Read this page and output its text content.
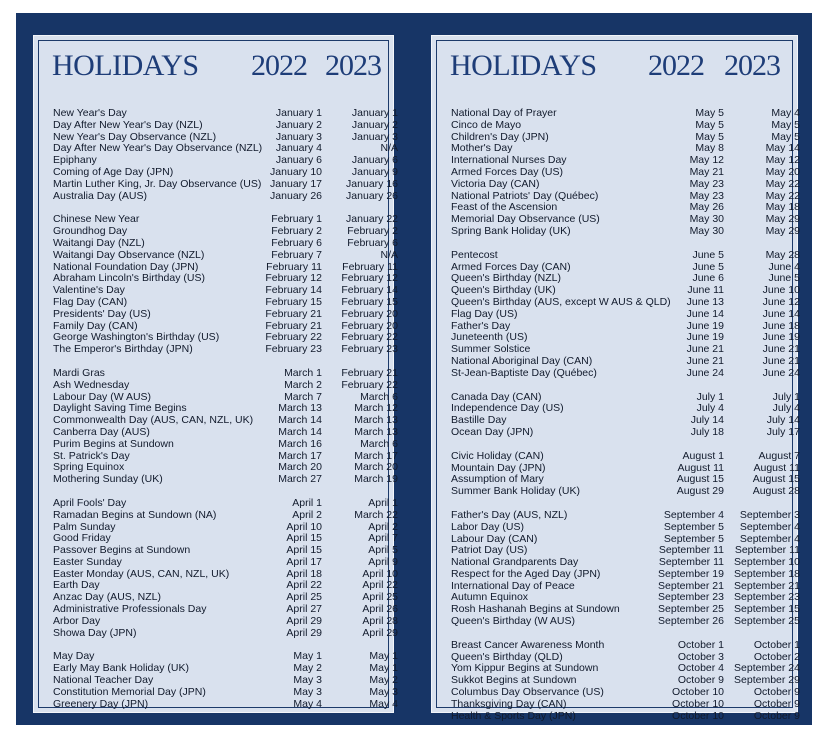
HOLIDAYS 2022 2023
New Year's Day	January 1	January 1
Day After New Year's Day (NZL)	January 2	January 2
New Year's Day Observance (NZL)	January 3	January 3
Day After New Year's Day Observance (NZL)	January 4	N/A
Epiphany	January 6	January 6
Coming of Age Day (JPN)	January 10	January 9
Martin Luther King, Jr. Day Observance (US) January 17	January 16
Australia Day (AUS)	January 26	January 26
Chinese New Year	February 1	January 22
Groundhog Day	February 2	February 2
Waitangi Day (NZL)	February 6	February 6
Waitangi Day Observance (NZL)	February 7	N/A
National Foundation Day (JPN)	February 11	February 11
Abraham Lincoln's Birthday (US)	February 12	February 12
Valentine's Day	February 14	February 14
Flag Day (CAN)	February 15	February 15
Presidents' Day (US)	February 21	February 20
Family Day (CAN)	February 21	February 20
George Washington's Birthday (US)	February 22	February 22
The Emperor's Birthday (JPN)	February 23	February 23
Mardi Gras	March 1	February 21
Ash Wednesday	March 2	February 22
Labour Day (W AUS)	March 7	March 6
Daylight Saving Time Begins	March 13	March 12
Commonwealth Day (AUS, CAN, NZL, UK)	March 14	March 13
Canberra Day (AUS)	March 14	March 13
Purim Begins at Sundown	March 16	March 6
St. Patrick's Day	March 17	March 17
Spring Equinox	March 20	March 20
Mothering Sunday (UK)	March 27	March 19
April Fools' Day	April 1	April 1
Ramadan Begins at Sundown (NA)	April 2	March 22
Palm Sunday	April 10	April 2
Good Friday	April 15	April 7
Passover Begins at Sundown	April 15	April 5
Easter Sunday	April 17	April 9
Easter Monday (AUS, CAN, NZL, UK)	April 18	April 10
Earth Day	April 22	April 22
Anzac Day (AUS, NZL)	April 25	April 25
Administrative Professionals Day	April 27	April 26
Arbor Day	April 29	April 28
Showa Day (JPN)	April 29	April 29
May Day	May 1	May 1
Early May Bank Holiday (UK)	May 2	May 1
National Teacher Day	May 3	May 2
Constitution Memorial Day (JPN)	May 3	May 3
Greenery Day (JPN)	May 4	May 4
HOLIDAYS 2022 2023
National Day of Prayer	May 5	May 4
Cinco de Mayo	May 5	May 5
Children's Day (JPN)	May 5	May 5
Mother's Day	May 8	May 14
International Nurses Day	May 12	May 12
Armed Forces Day (US)	May 21	May 20
Victoria Day (CAN)	May 23	May 22
National Patriots' Day (Québec)	May 23	May 22
Feast of the Ascension	May 26	May 18
Memorial Day Observance (US)	May 30	May 29
Spring Bank Holiday (UK)	May 30	May 29
Pentecost	June 5	May 28
Armed Forces Day (CAN)	June 5	June 4
Queen's Birthday (NZL)	June 6	June 5
Queen's Birthday (UK)	June 11	June 10
Queen's Birthday (AUS, except W AUS & QLD)	June 13	June 12
Flag Day (US)	June 14	June 14
Father's Day	June 19	June 18
Juneteenth (US)	June 19	June 19
Summer Solstice	June 21	June 21
National Aboriginal Day (CAN)	June 21	June 21
St-Jean-Baptiste Day (Québec)	June 24	June 24
Canada Day (CAN)	July 1	July 1
Independence Day (US)	July 4	July 4
Bastille Day	July 14	July 14
Ocean Day (JPN)	July 18	July 17
Civic Holiday (CAN)	August 1	August 7
Mountain Day (JPN)	August 11	August 11
Assumption of Mary	August 15	August 15
Summer Bank Holiday (UK)	August 29	August 28
Father's Day (AUS, NZL)	September 4	September 3
Labor Day (US)	September 5	September 4
Labour Day (CAN)	September 5	September 4
Patriot Day (US)	September 11	September 11
National Grandparents Day	September 11 September 10
Respect for the Aged Day (JPN)	September 19 September 18
International Day of Peace	September 21 September 21
Autumn Equinox	September 23 September 23
Rosh Hashanah Begins at Sundown	September 25 September 15
Queen's Birthday (W AUS)	September 26 September 25
Breast Cancer Awareness Month	October 1	October 1
Queen's Birthday (QLD)	October 3	October 2
Yom Kippur Begins at Sundown	October 4 September 24
Sukkot Begins at Sundown	October 9 September 29
Columbus Day Observance (US)	October 10	October 9
Thanksgiving Day (CAN)	October 10	October 9
Health & Sports Day (JPN)	October 10	October 9
